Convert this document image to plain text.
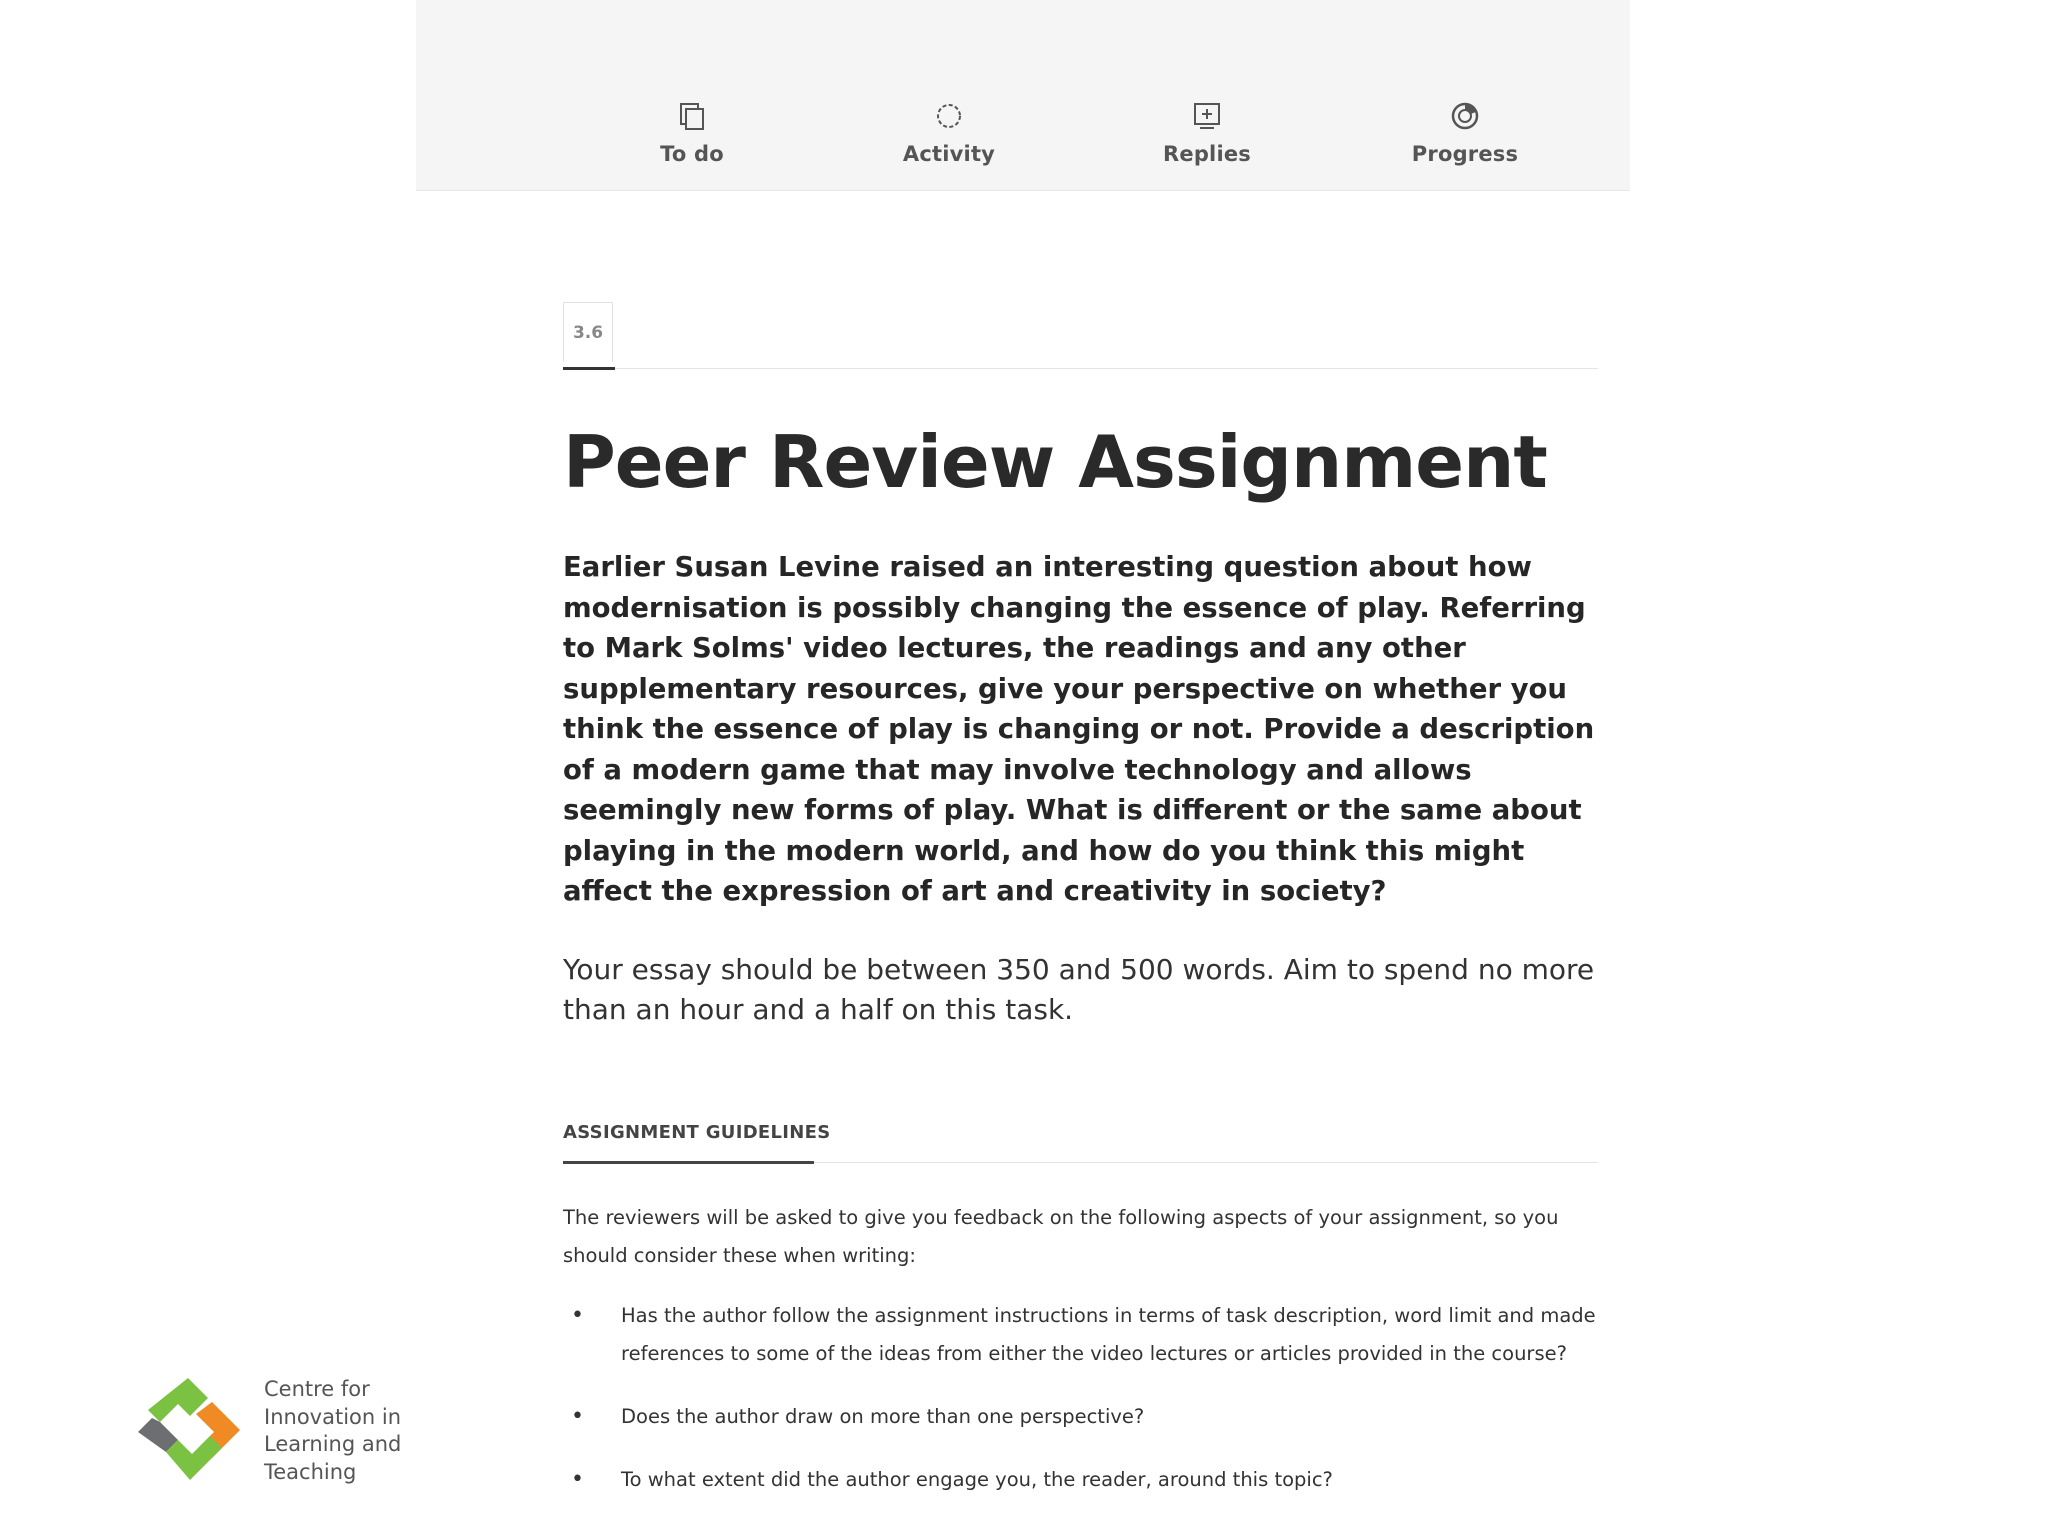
To do	Activity	Replies	Progress
3.6
Peer Review Assignment

Earlier Susan Levine raised an interesting question about how modernisation is possibly changing the essence of play. Referring to Mark Solms' video lectures, the readings and any other supplementary resources, give your perspective on whether you think the essence of play is changing or not. Provide a description of a modern game that may involve technology and allows seemingly new forms of play. What is different or the same about playing in the modern world, and how do you think this might affect the expression of art and creativity in society?

Your essay should be between 350 and 500 words. Aim to spend no more than an hour and a half on this task.

ASSIGNMENT GUIDELINES

The reviewers will be asked to give you feedback on the following aspects of your assignment, so you should consider these when writing:

• Has the author follow the assignment instructions in terms of task description, word limit and made references to some of the ideas from either the video lectures or articles provided in the course?
• Does the author draw on more than one perspective?
• To what extent did the author engage you, the reader, around this topic?
Centre for
Innovation in
Learning and
Teaching
